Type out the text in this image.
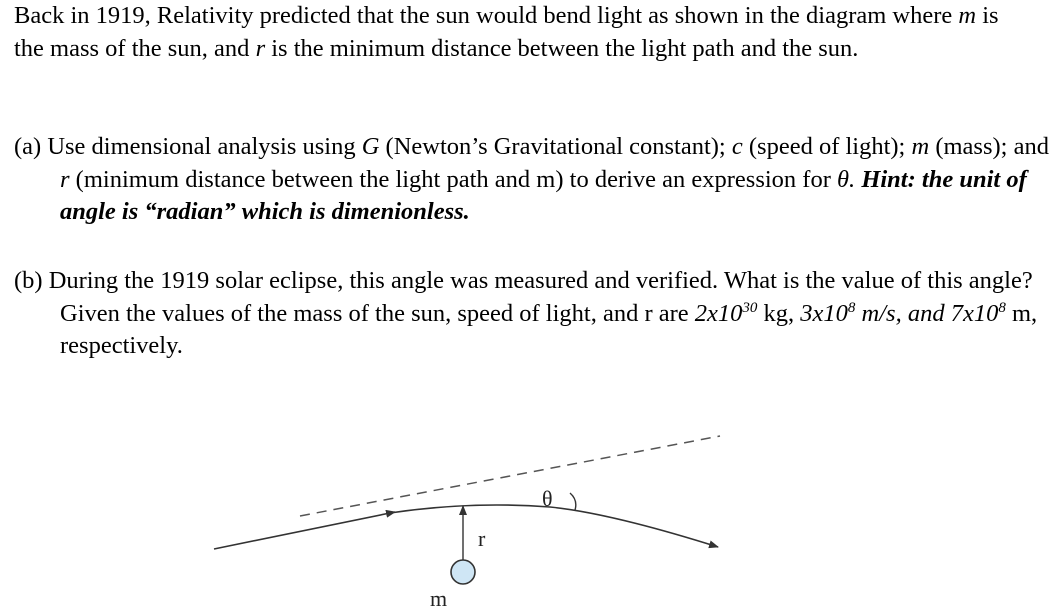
Back in 1919, Relativity predicted that the sun would bend light as shown in the diagram where m is the mass of the sun, and r is the minimum distance between the light path and the sun.

(a) Use dimensional analysis using G (Newton’s Gravitational constant); c (speed of light); m (mass); and r (minimum distance between the light path and m) to derive an expression for θ. Hint: the unit of angle is “radian” which is dimenionless.

(b) During the 1919 solar eclipse, this angle was measured and verified. What is the value of this angle? Given the values of the mass of the sun, speed of light, and r are $2x10^{30}$ kg, $3x10^8$ m/s, and $7x10^8$ m, respectively.

θ
r
m
